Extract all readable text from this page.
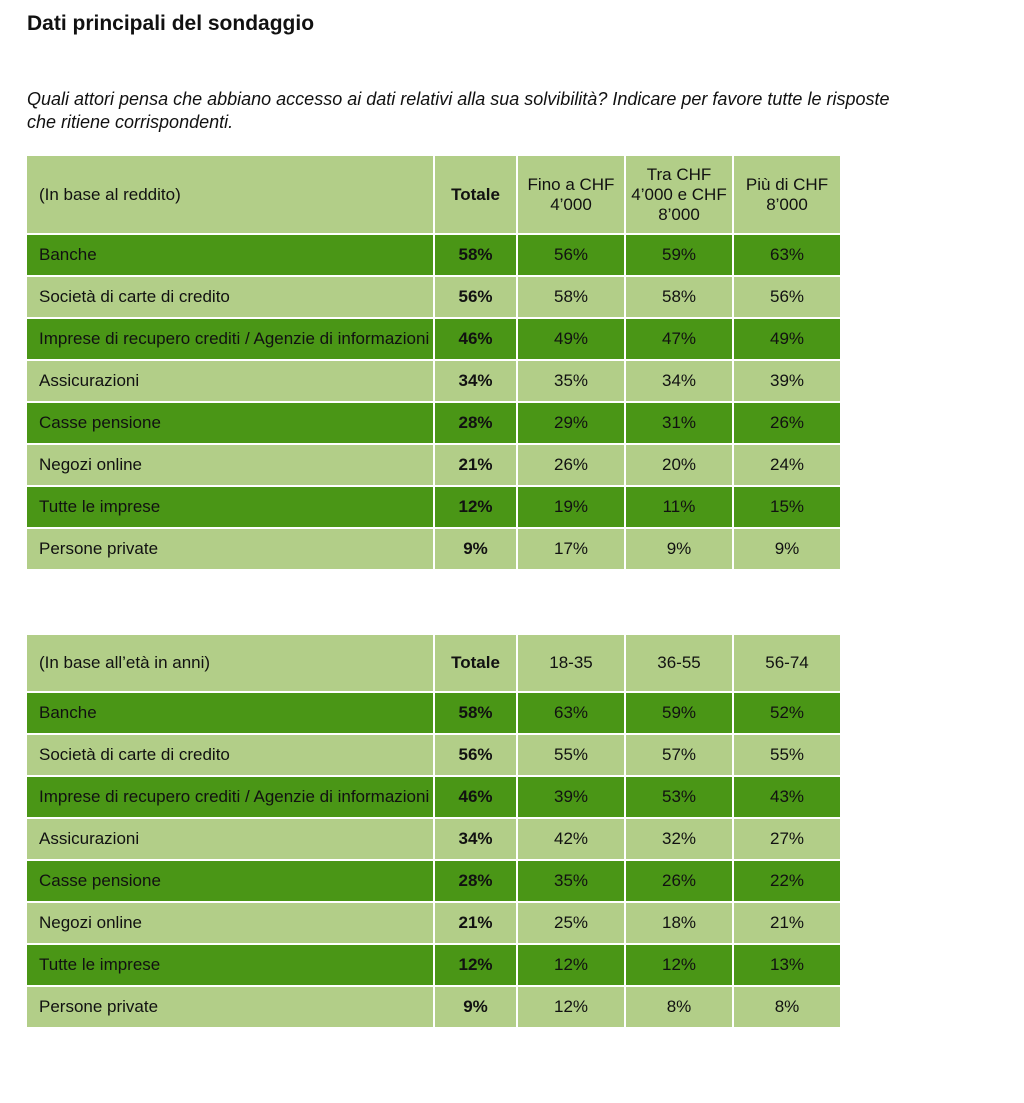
Dati principali del sondaggio

Quali attori pensa che abbiano accesso ai dati relativi alla sua solvibilità? Indicare per favore tutte le risposte
che ritiene corrispondenti.

(In base al reddito)	Totale	Fino a CHF 4’000	Tra CHF 4’000 e CHF 8’000	Più di CHF 8’000

Banche	58%	56%	59%	63%

Società di carte di credito	56%	58%	58%	56%

Imprese di recupero crediti / Agenzie di informazioni	46%	49%	47%	49%

Assicurazioni	34%	35%	34%	39%

Casse pensione	28%	29%	31%	26%

Negozi online	21%	26%	20%	24%

Tutte le imprese	12%	19%	11%	15%

Persone private	9%	17%	9%	9%
(In base all’età in anni)	Totale	18-35	36-55	56-74

Banche	58%	63%	59%	52%

Società di carte di credito	56%	55%	57%	55%

Imprese di recupero crediti / Agenzie di informazioni	46%	39%	53%	43%

Assicurazioni	34%	42%	32%	27%

Casse pensione	28%	35%	26%	22%

Negozi online	21%	25%	18%	21%

Tutte le imprese	12%	12%	12%	13%

Persone private	9%	12%	8%	8%
